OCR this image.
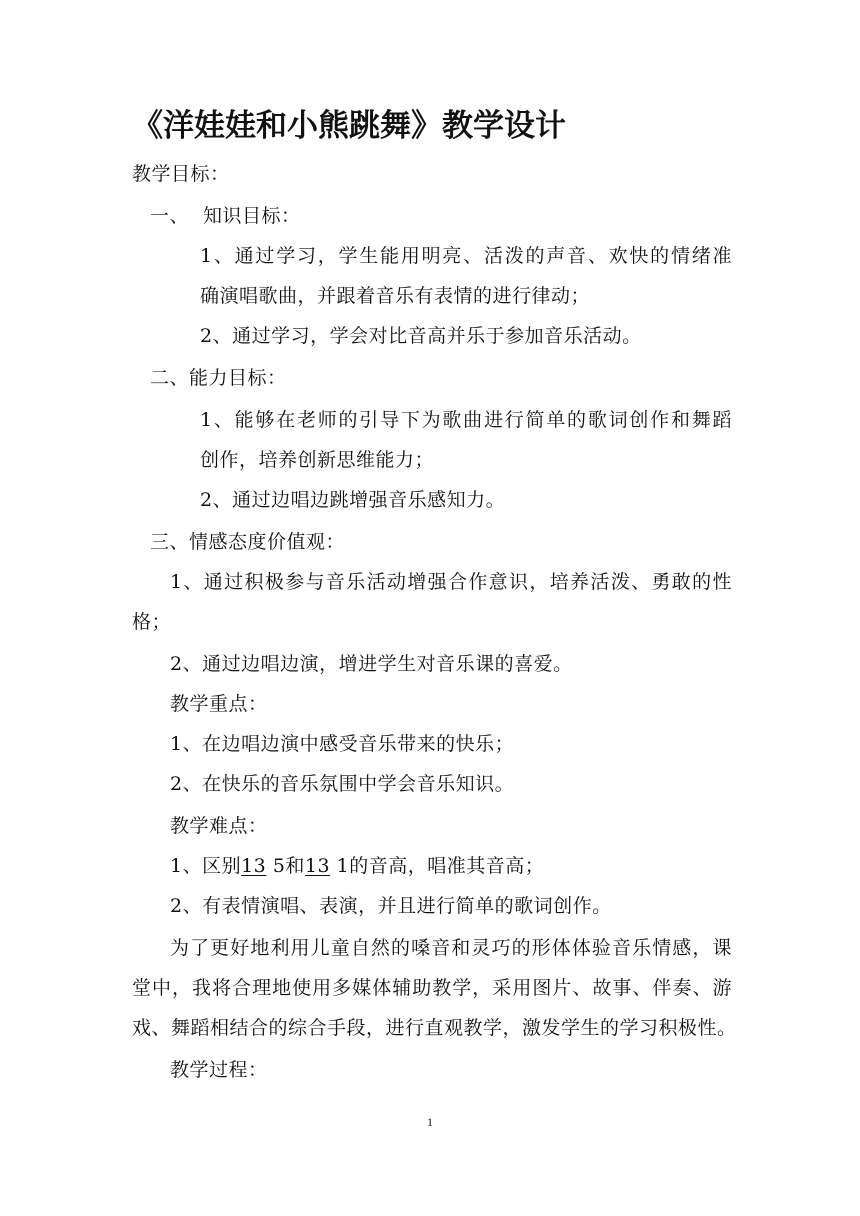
《洋娃娃和小熊跳舞》教学设计
教学目标：
一、 知识目标：
1、通过学习，学生能用明亮、活泼的声音、欢快的情绪准
确演唱歌曲，并跟着音乐有表情的进行律动；
2、通过学习，学会对比音高并乐于参加音乐活动。
二、能力目标：
1、能够在老师的引导下为歌曲进行简单的歌词创作和舞蹈
创作，培养创新思维能力；
2、通过边唱边跳增强音乐感知力。
三、情感态度价值观：
1、通过积极参与音乐活动增强合作意识，培养活泼、勇敢的性
格；
2、通过边唱边演，增进学生对音乐课的喜爱。
教学重点：
1、在边唱边演中感受音乐带来的快乐；
2、在快乐的音乐氛围中学会音乐知识。
教学难点：
1、区别13 5和13 1的音高，唱准其音高；
2、有表情演唱、表演，并且进行简单的歌词创作。
为了更好地利用儿童自然的嗓音和灵巧的形体体验音乐情感，课
堂中，我将合理地使用多媒体辅助教学，采用图片、故事、伴奏、游
戏、舞蹈相结合的综合手段，进行直观教学，激发学生的学习积极性。
教学过程：
1
